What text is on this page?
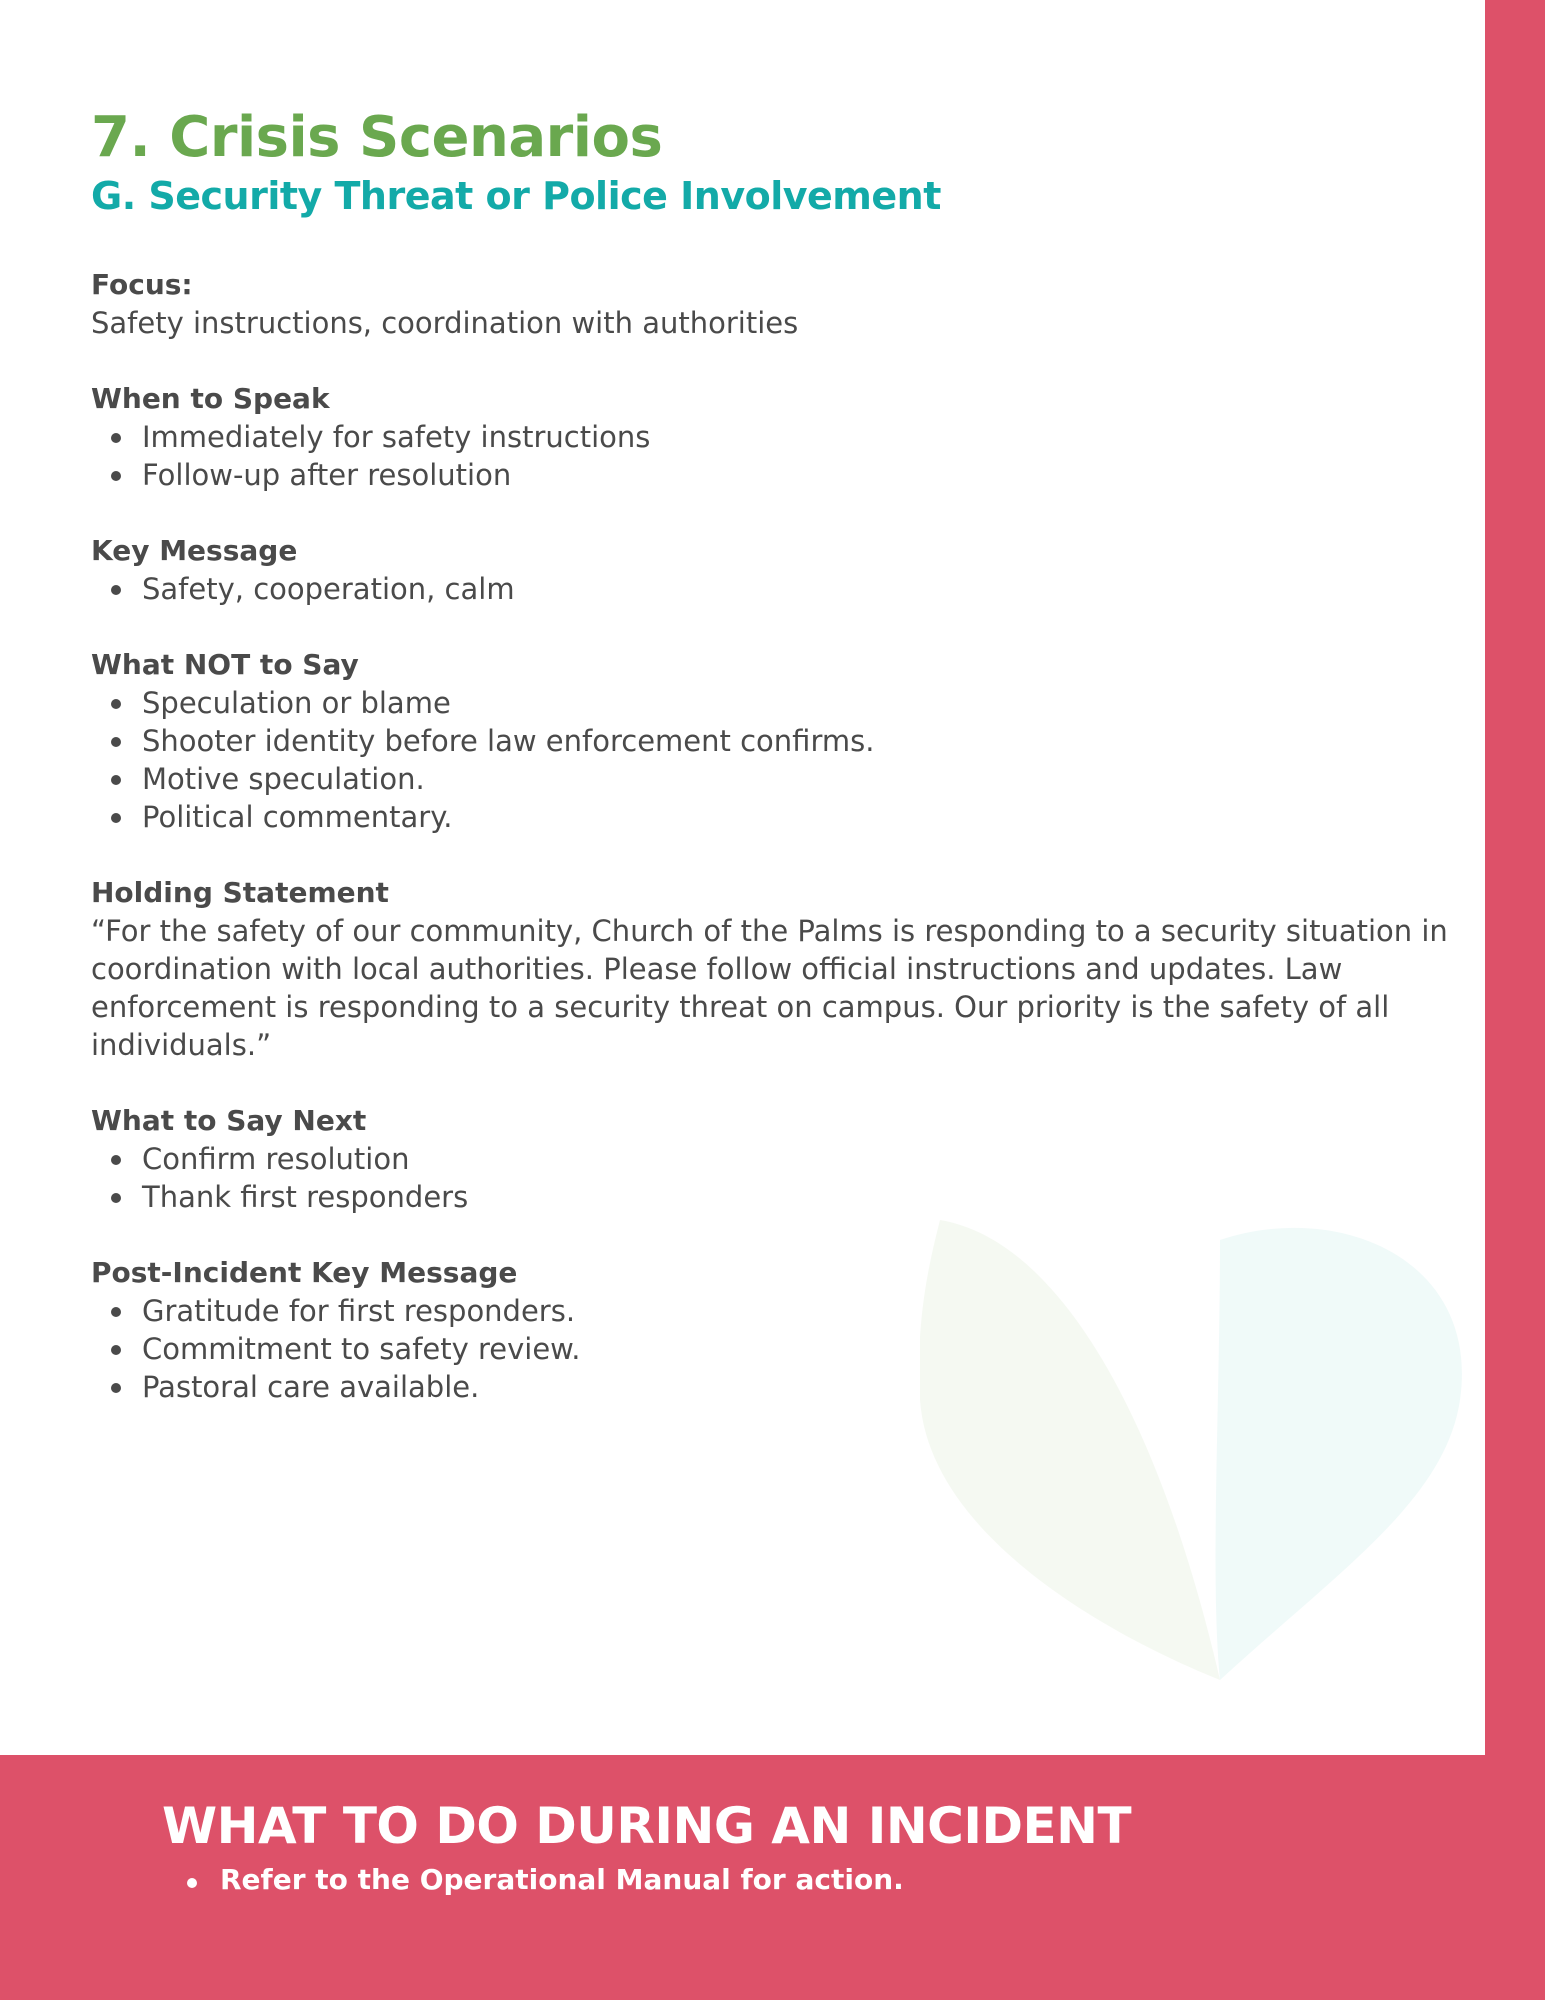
7. Crisis Scenarios
G. Security Threat or Police Involvement
Focus:
Safety instructions, coordination with authorities
When to Speak
Immediately for safety instructions
Follow-up after resolution
Key Message
Safety, cooperation, calm
What NOT to Say
Speculation or blame
Shooter identity before law enforcement confirms.
Motive speculation.
Political commentary.
Holding Statement
“For the safety of our community, Church of the Palms is responding to a security situation in coordination with local authorities. Please follow official instructions and updates. Law enforcement is responding to a security threat on campus. Our priority is the safety of all individuals.”
What to Say Next
Confirm resolution
Thank first responders
Post-Incident Key Message
Gratitude for first responders.
Commitment to safety review.
Pastoral care available.
WHAT TO DO DURING AN INCIDENT
Refer to the Operational Manual for action.
